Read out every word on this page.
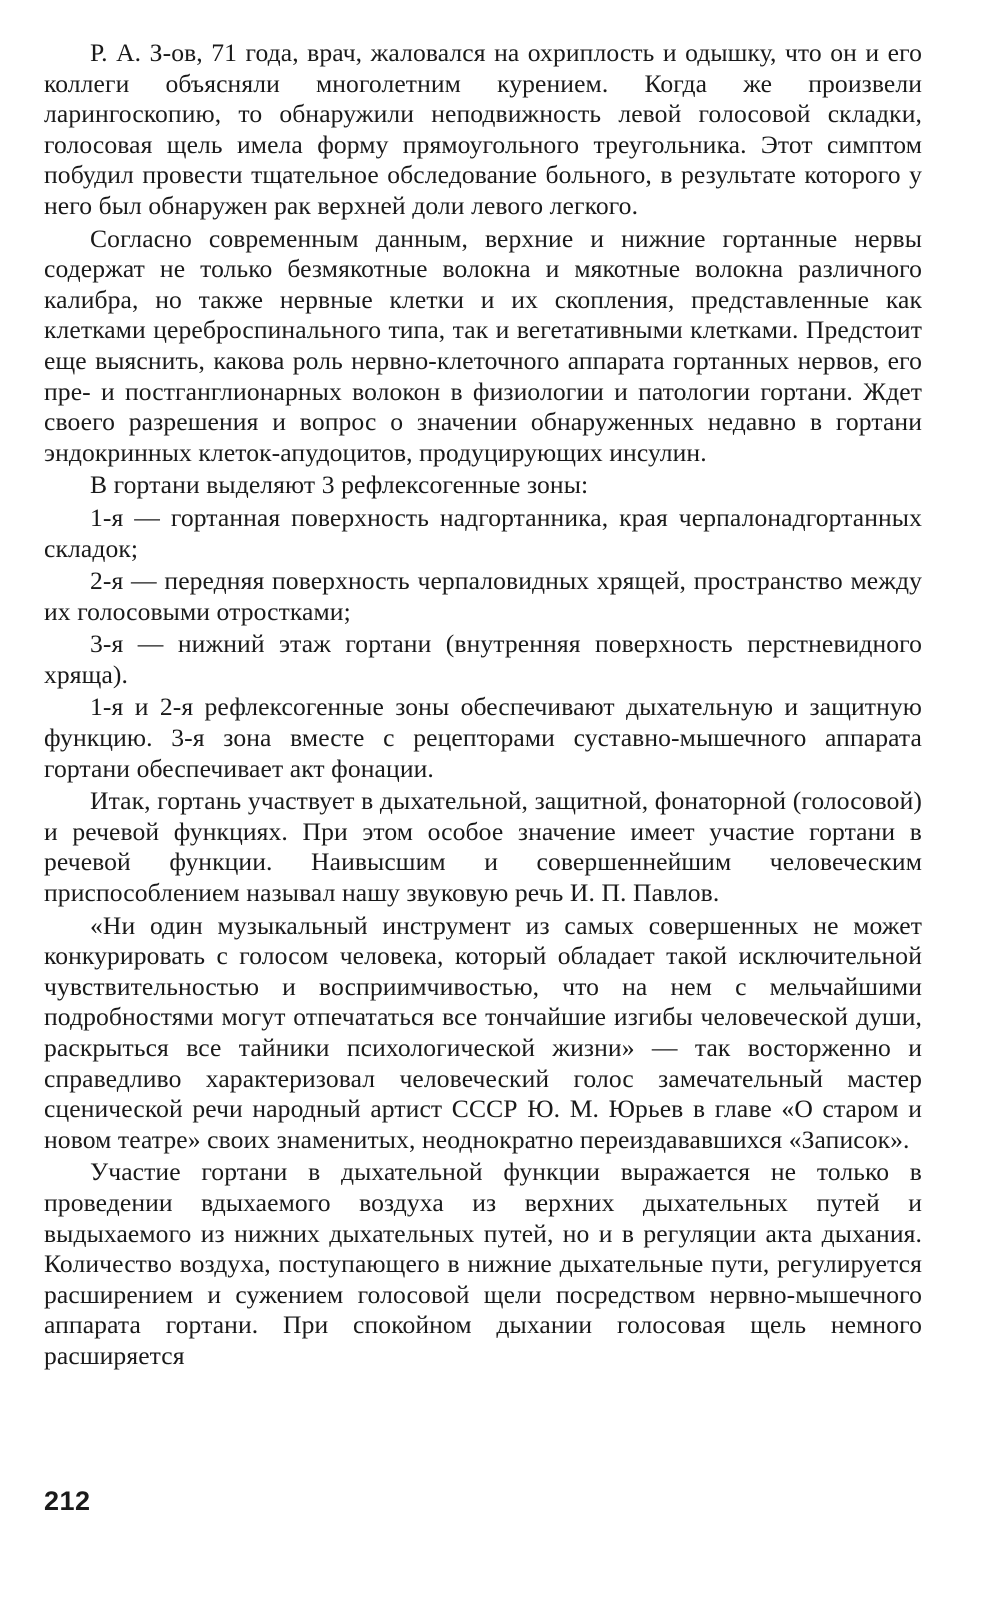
Р. А. З-ов, 71 года, врач, жаловался на охриплость и одышку, что он и его коллеги объясняли многолетним курением. Когда же произвели ларингоскопию, то обнаружили неподвижность левой голосовой складки, голосовая щель имела форму прямоугольного треугольника. Этот симптом побудил провести тщательное обследование больного, в результате которого у него был обнаружен рак верхней доли левого легкого.

Согласно современным данным, верхние и нижние гортанные нервы содержат не только безмякотные волокна и мякотные волокна различного калибра, но также нервные клетки и их скопления, представленные как клетками цереброспинального типа, так и вегетативными клетками. Предстоит еще выяснить, какова роль нервно-клеточного аппарата гортанных нервов, его пре- и постганглионарных волокон в физиологии и патологии гортани. Ждет своего разрешения и вопрос о значении обнаруженных недавно в гортани эндокринных клеток-апудоцитов, продуцирующих инсулин.

В гортани выделяют 3 рефлексогенные зоны:

1-я — гортанная поверхность надгортанника, края черпалонадгортанных складок;

2-я — передняя поверхность черпаловидных хрящей, пространство между их голосовыми отростками;

3-я — нижний этаж гортани (внутренняя поверхность перстневидного хряща).

1-я и 2-я рефлексогенные зоны обеспечивают дыхательную и защитную функцию. 3-я зона вместе с рецепторами суставно-мышечного аппарата гортани обеспечивает акт фонации.

Итак, гортань участвует в дыхательной, защитной, фонаторной (голосовой) и речевой функциях. При этом особое значение имеет участие гортани в речевой функции. Наивысшим и совершеннейшим человеческим приспособлением называл нашу звуковую речь И. П. Павлов.

«Ни один музыкальный инструмент из самых совершенных не может конкурировать с голосом человека, который обладает такой исключительной чувствительностью и восприимчивостью, что на нем с мельчайшими подробностями могут отпечататься все тончайшие изгибы человеческой души, раскрыться все тайники психологической жизни» — так восторженно и справедливо характеризовал человеческий голос замечательный мастер сценической речи народный артист СССР Ю. М. Юрьев в главе «О старом и новом театре» своих знаменитых, неоднократно переиздававшихся «Записок».

Участие гортани в дыхательной функции выражается не только в проведении вдыхаемого воздуха из верхних дыхательных путей и выдыхаемого из нижних дыхательных путей, но и в регуляции акта дыхания. Количество воздуха, поступающего в нижние дыхательные пути, регулируется расширением и сужением голосовой щели посредством нервно-мышечного аппарата гортани. При спокойном дыхании голосовая щель немного расширяется

212
